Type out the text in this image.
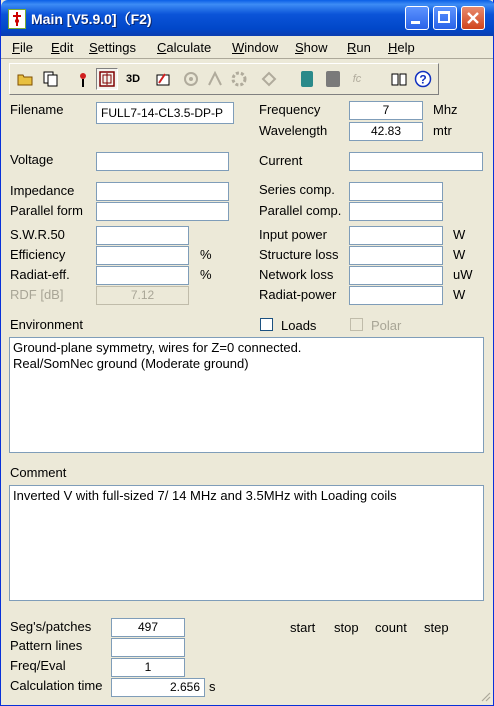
Main [V5.9.0]（F2)
File Edit Settings Calculate Window Show Run Help
3D	fc	?
Filename	FULL7-14-CL3.5-DP-P
Voltage
Impedance
Parallel form
S.W.R.50
Efficiency	%
Radiat-eff.	%
RDF [dB]	7.12
Frequency	7	Mhz
Wavelength	42.83	mtr
Current
Series comp.
Parallel comp.
Input power	W
Structure loss	W
Network loss	uW
Radiat-power	W
Environment	Loads	Polar
Ground-plane symmetry, wires for Z=0 connected.
Real/SomNec ground (Moderate ground)
Comment
Inverted V with full-sized 7/ 14 MHz and 3.5MHz with Loading coils
Seg's/patches	497	start stop count step
Pattern lines
Freq/Eval	1
Calculation time	2.656 s
